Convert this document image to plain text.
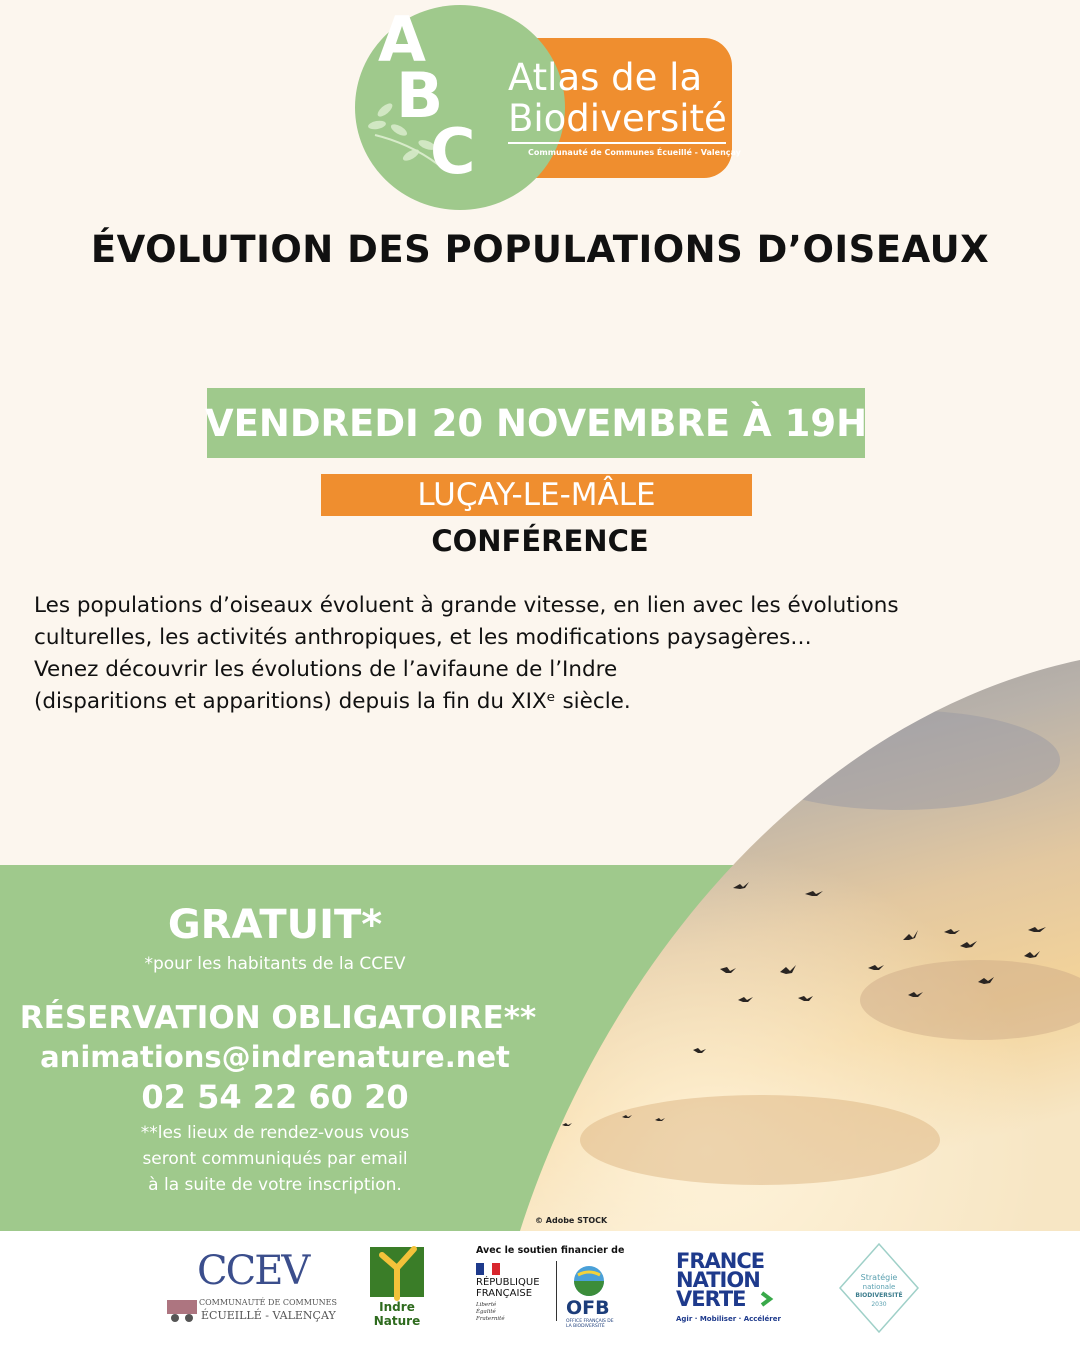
A
B
C
Atlas de la
Biodiversité
Communauté de Communes Écueillé - Valençay
ÉVOLUTION DES POPULATIONS D’OISEAUX
VENDREDI 20 NOVEMBRE À 19H
LUÇAY-LE-MÂLE
CONFÉRENCE

Les populations d’oiseaux évoluent à grande vitesse, en lien avec les évolutions

culturelles, les activités anthropiques, et les modifications paysagères…

Venez découvrir les évolutions de l’avifaune de l’Indre

(disparitions et apparitions) depuis la fin du XIXᵉ siècle.

GRATUIT*
*pour les habitants de la CCEV
RÉSERVATION OBLIGATOIRE**
animations@indrenature.net
02 54 22 60 20

**les lieux de rendez-vous vous

seront communiqués par email

à la suite de votre inscription.

© Adobe STOCK
CCEV
COMMUNAUTÉ DE COMMUNES
ÉCUEILLÉ - VALENÇAY
Indre
Nature
Avec le soutien financier de
RÉPUBLIQUE
FRANÇAISE
Liberté
Égalité
Fraternité	OFB
OFFICE FRANÇAIS DE LA BIODIVERSITÉ
FRANCE
NATION
VERTE
Agir · Mobiliser · Accélérer
Stratégie
nationale
BIODIVERSITÉ
2030
